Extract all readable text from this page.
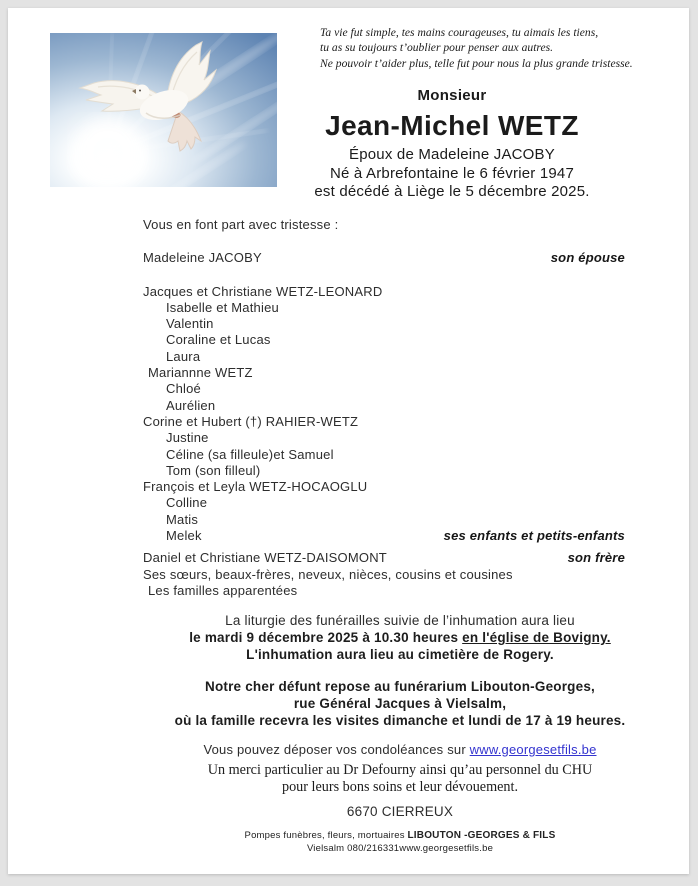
Ta vie fut simple, tes mains courageuses, tu aimais les tiens,
tu as su toujours t’oublier pour penser aux autres.
Ne pouvoir t’aider plus, telle fut pour nous la plus grande tristesse.
Monsieur
Jean-Michel WETZ
Époux de Madeleine JACOBY
Né à Arbrefontaine le 6 février 1947
est décédé à Liège le 5 décembre 2025.
Vous en font part avec tristesse :
Madeleine JACOBY	son épouse
Jacques et Christiane WETZ-LEONARD
Isabelle et Mathieu
Valentin
Coraline et Lucas
Laura
Mariannne WETZ
Chloé
Aurélien
Corine et Hubert (†) RAHIER-WETZ
Justine
Céline (sa filleule)et Samuel
Tom (son filleul)
François et Leyla WETZ-HOCAOGLU
Colline
Matis
Melek	ses enfants et petits-enfants
Daniel et Christiane WETZ-DAISOMONT	son frère
Ses sœurs, beaux-frères, neveux, nièces, cousins et cousines
Les familles apparentées
La liturgie des funérailles suivie de l’inhumation aura lieu
le mardi 9 décembre 2025 à 10.30 heures en l'église de Bovigny.
L'inhumation aura lieu au cimetière de Rogery.
Notre cher défunt repose au funérarium Libouton-Georges,
rue Général Jacques à Vielsalm,
où la famille recevra les visites dimanche et lundi de 17 à 19 heures.
Vous pouvez déposer vos condoléances sur www.georgesetfils.be
Un merci particulier au Dr Defourny ainsi qu’au personnel du CHU
pour leurs bons soins et leur dévouement.
6670 CIERREUX
Pompes funèbres, fleurs, mortuaires LIBOUTON -GEORGES & FILS
Vielsalm 080/216331www.georgesetfils.be
